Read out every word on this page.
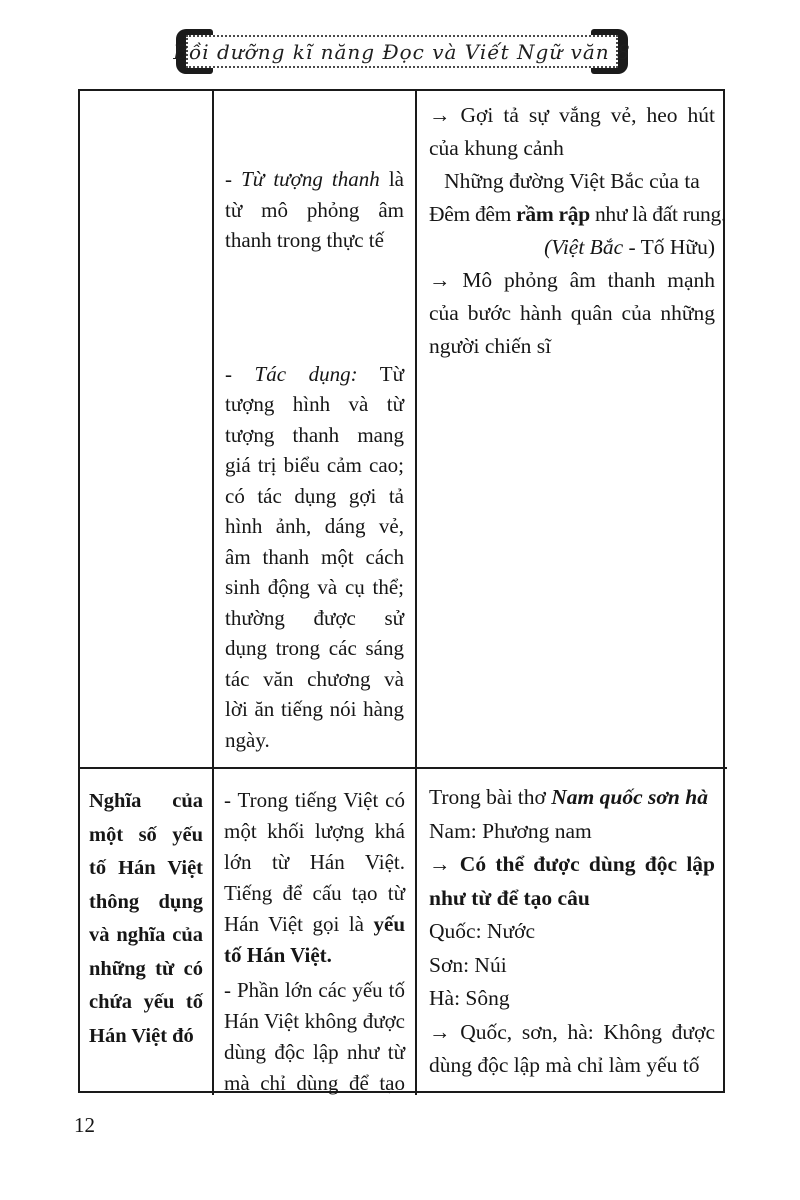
Bồi dưỡng kĩ năng Đọc và Viết Ngữ văn 8

- Từ tượng thanh là từ mô phỏng âm thanh trong thực tế

- Tác dụng: Từ tượng hình và từ tượng thanh mang giá trị biểu cảm cao; có tác dụng gợi tả hình ảnh, dáng vẻ, âm thanh một cách sinh động và cụ thể; thường được sử dụng trong các sáng tác văn chương và lời ăn tiếng nói hàng ngày.

→ Gợi tả sự vắng vẻ, heo hút của khung cảnh

Những đường Việt Bắc của ta
Đêm đêm rầm rập như là đất rung.
(Việt Bắc - Tố Hữu)

→ Mô phỏng âm thanh mạnh của bước hành quân của những người chiến sĩ

Nghĩa của một số yếu tố Hán Việt thông dụng và nghĩa của những từ có chứa yếu tố Hán Việt đó

- Trong tiếng Việt có một khối lượng khá lớn từ Hán Việt. Tiếng để cấu tạo từ Hán Việt gọi là yếu tố Hán Việt.

- Phần lớn các yếu tố Hán Việt không được dùng độc lập như từ mà chỉ dùng để tạo

Trong bài thơ Nam quốc sơn hà
Nam: Phương nam

→ Có thể được dùng độc lập như từ để tạo câu

Quốc: Nước
Sơn: Núi
Hà: Sông

→ Quốc, sơn, hà: Không được dùng độc lập mà chỉ làm yếu tố

12
